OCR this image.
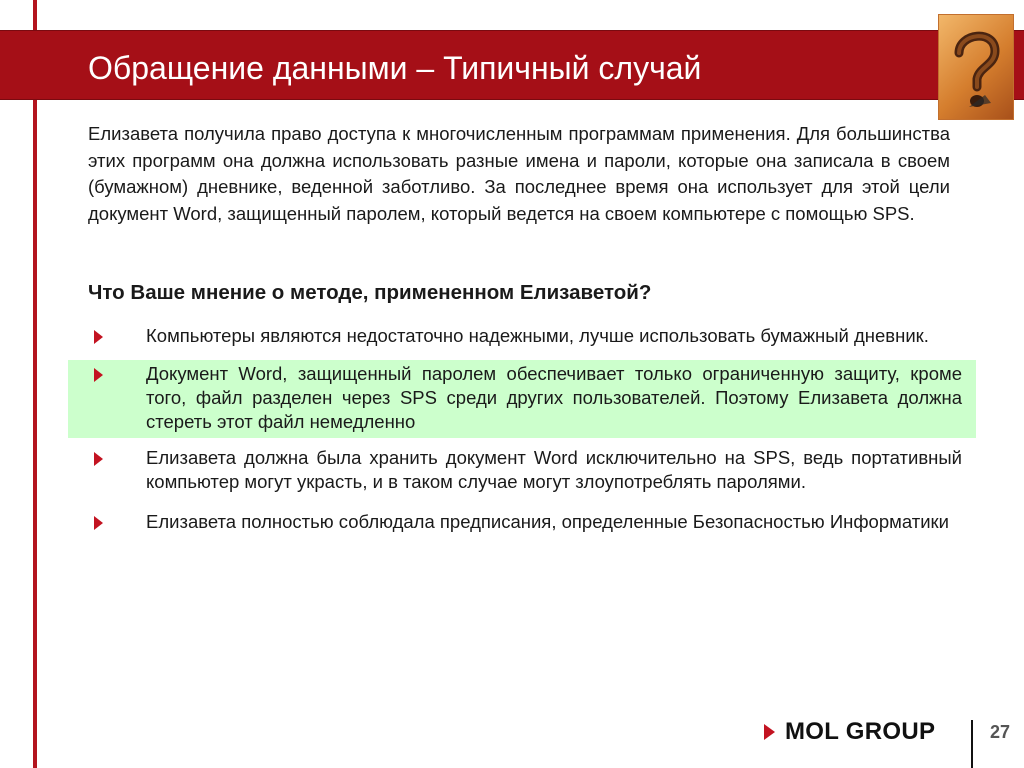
Обращение данными – Типичный случай
Елизавета получила право доступа к многочисленным программам применения. Для большинства этих программ она должна использовать разные имена и пароли, которые она записала в своем (бумажном) дневнике, веденной заботливо. За последнее время она использует для этой цели документ Word, защищенный паролем, который ведется на своем компьютере с помощью SPS.
Что Ваше мнение о методе, примененном Елизаветой?
Компьютеры являются недостаточно надежными, лучше использовать бумажный дневник.
Документ Word, защищенный паролем обеспечивает только ограниченную защиту, кроме того, файл разделен через SPS среди других пользователей. Поэтому Елизавета должна стереть этот файл немедленно
Елизавета должна была хранить документ Word исключительно на SPS, ведь портативный компьютер могут украсть, и в таком случае могут злоупотреблять паролями.
Елизавета полностью соблюдала предписания, определенные Безопасностью Информатики
MOL GROUP	27
